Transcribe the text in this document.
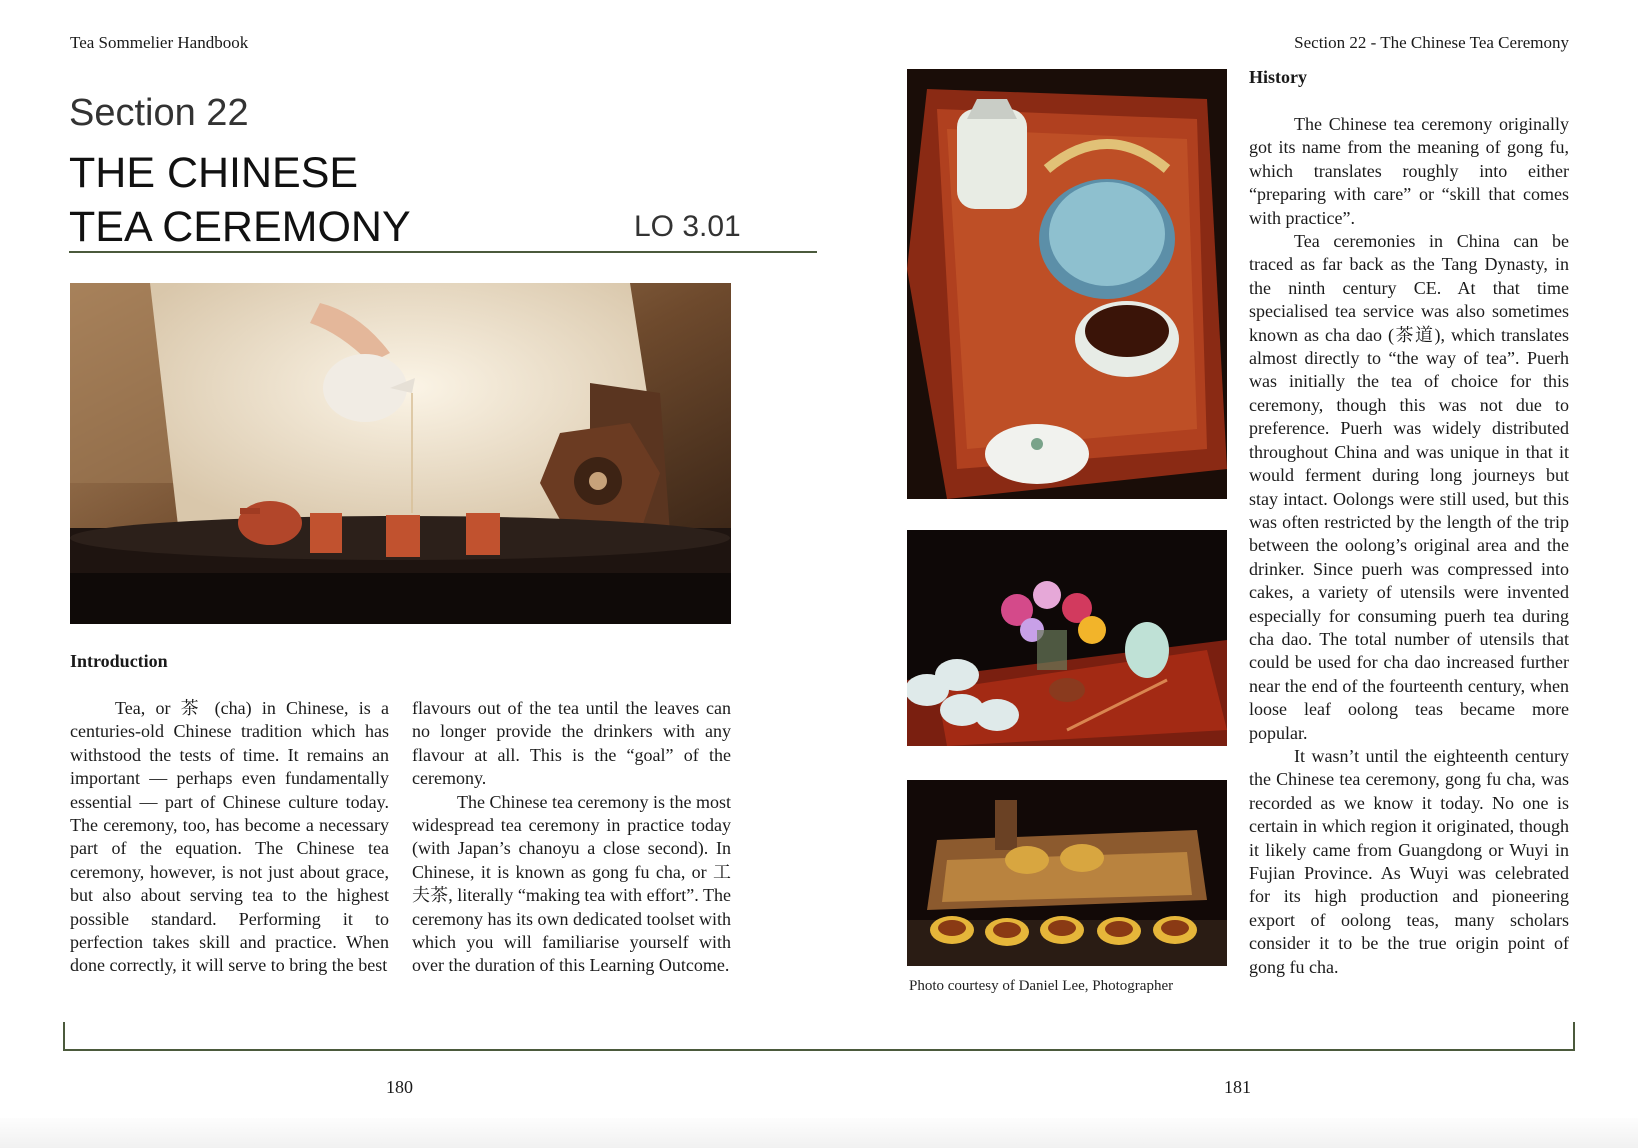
Tea Sommelier Handbook	Section 22 - The Chinese Tea Ceremony
Section 22
THE CHINESE
TEA CEREMONY	LO 3.01
Photo courtesy of Daniel Lee, Photographer
Introduction

Tea, or 茶 (cha) in Chinese, is a centuries-old Chinese tradition which has withstood the tests of time. It remains an important — perhaps even fundamentally essential — part of Chinese culture today. The ceremony, too, has become a necessary part of the equation. The Chinese tea ceremony, however, is not just about grace, but also about serving tea to the highest possible standard. Performing it to perfection takes skill and practice. When done correctly, it will serve to bring the best

flavours out of the tea until the leaves can no longer provide the drinkers with any flavour at all. This is the “goal” of the ceremony.

The Chinese tea ceremony is the most widespread tea ceremony in practice today (with Japan’s chanoyu a close second). In Chinese, it is known as gong fu cha, or 工夫茶, literally “making tea with effort”. The ceremony has its own dedicated toolset with which you will familiarise yourself with over the duration of this Learning Outcome.

History

The Chinese tea ceremony originally got its name from the meaning of gong fu, which translates roughly into either “preparing with care” or “skill that comes with practice”.

Tea ceremonies in China can be traced as far back as the Tang Dynasty, in the ninth century CE. At that time specialised tea service was also sometimes known as cha dao (茶道), which translates almost directly to “the way of tea”. Puerh was initially the tea of choice for this ceremony, though this was not due to preference. Puerh was widely distributed throughout China and was unique in that it would ferment during long journeys but stay intact. Oolongs were still used, but this was often restricted by the length of the trip between the oolong’s original area and the drinker. Since puerh was compressed into cakes, a variety of utensils were invented especially for consuming puerh tea during cha dao. The total number of utensils that could be used for cha dao increased further near the end of the fourteenth century, when loose leaf oolong teas became more popular.

It wasn’t until the eighteenth century the Chinese tea ceremony, gong fu cha, was recorded as we know it today. No one is certain in which region it originated, though it likely came from Guangdong or Wuyi in Fujian Province. As Wuyi was celebrated for its high production and pioneering export of oolong teas, many scholars consider it to be the true origin point of gong fu cha.

180	181
